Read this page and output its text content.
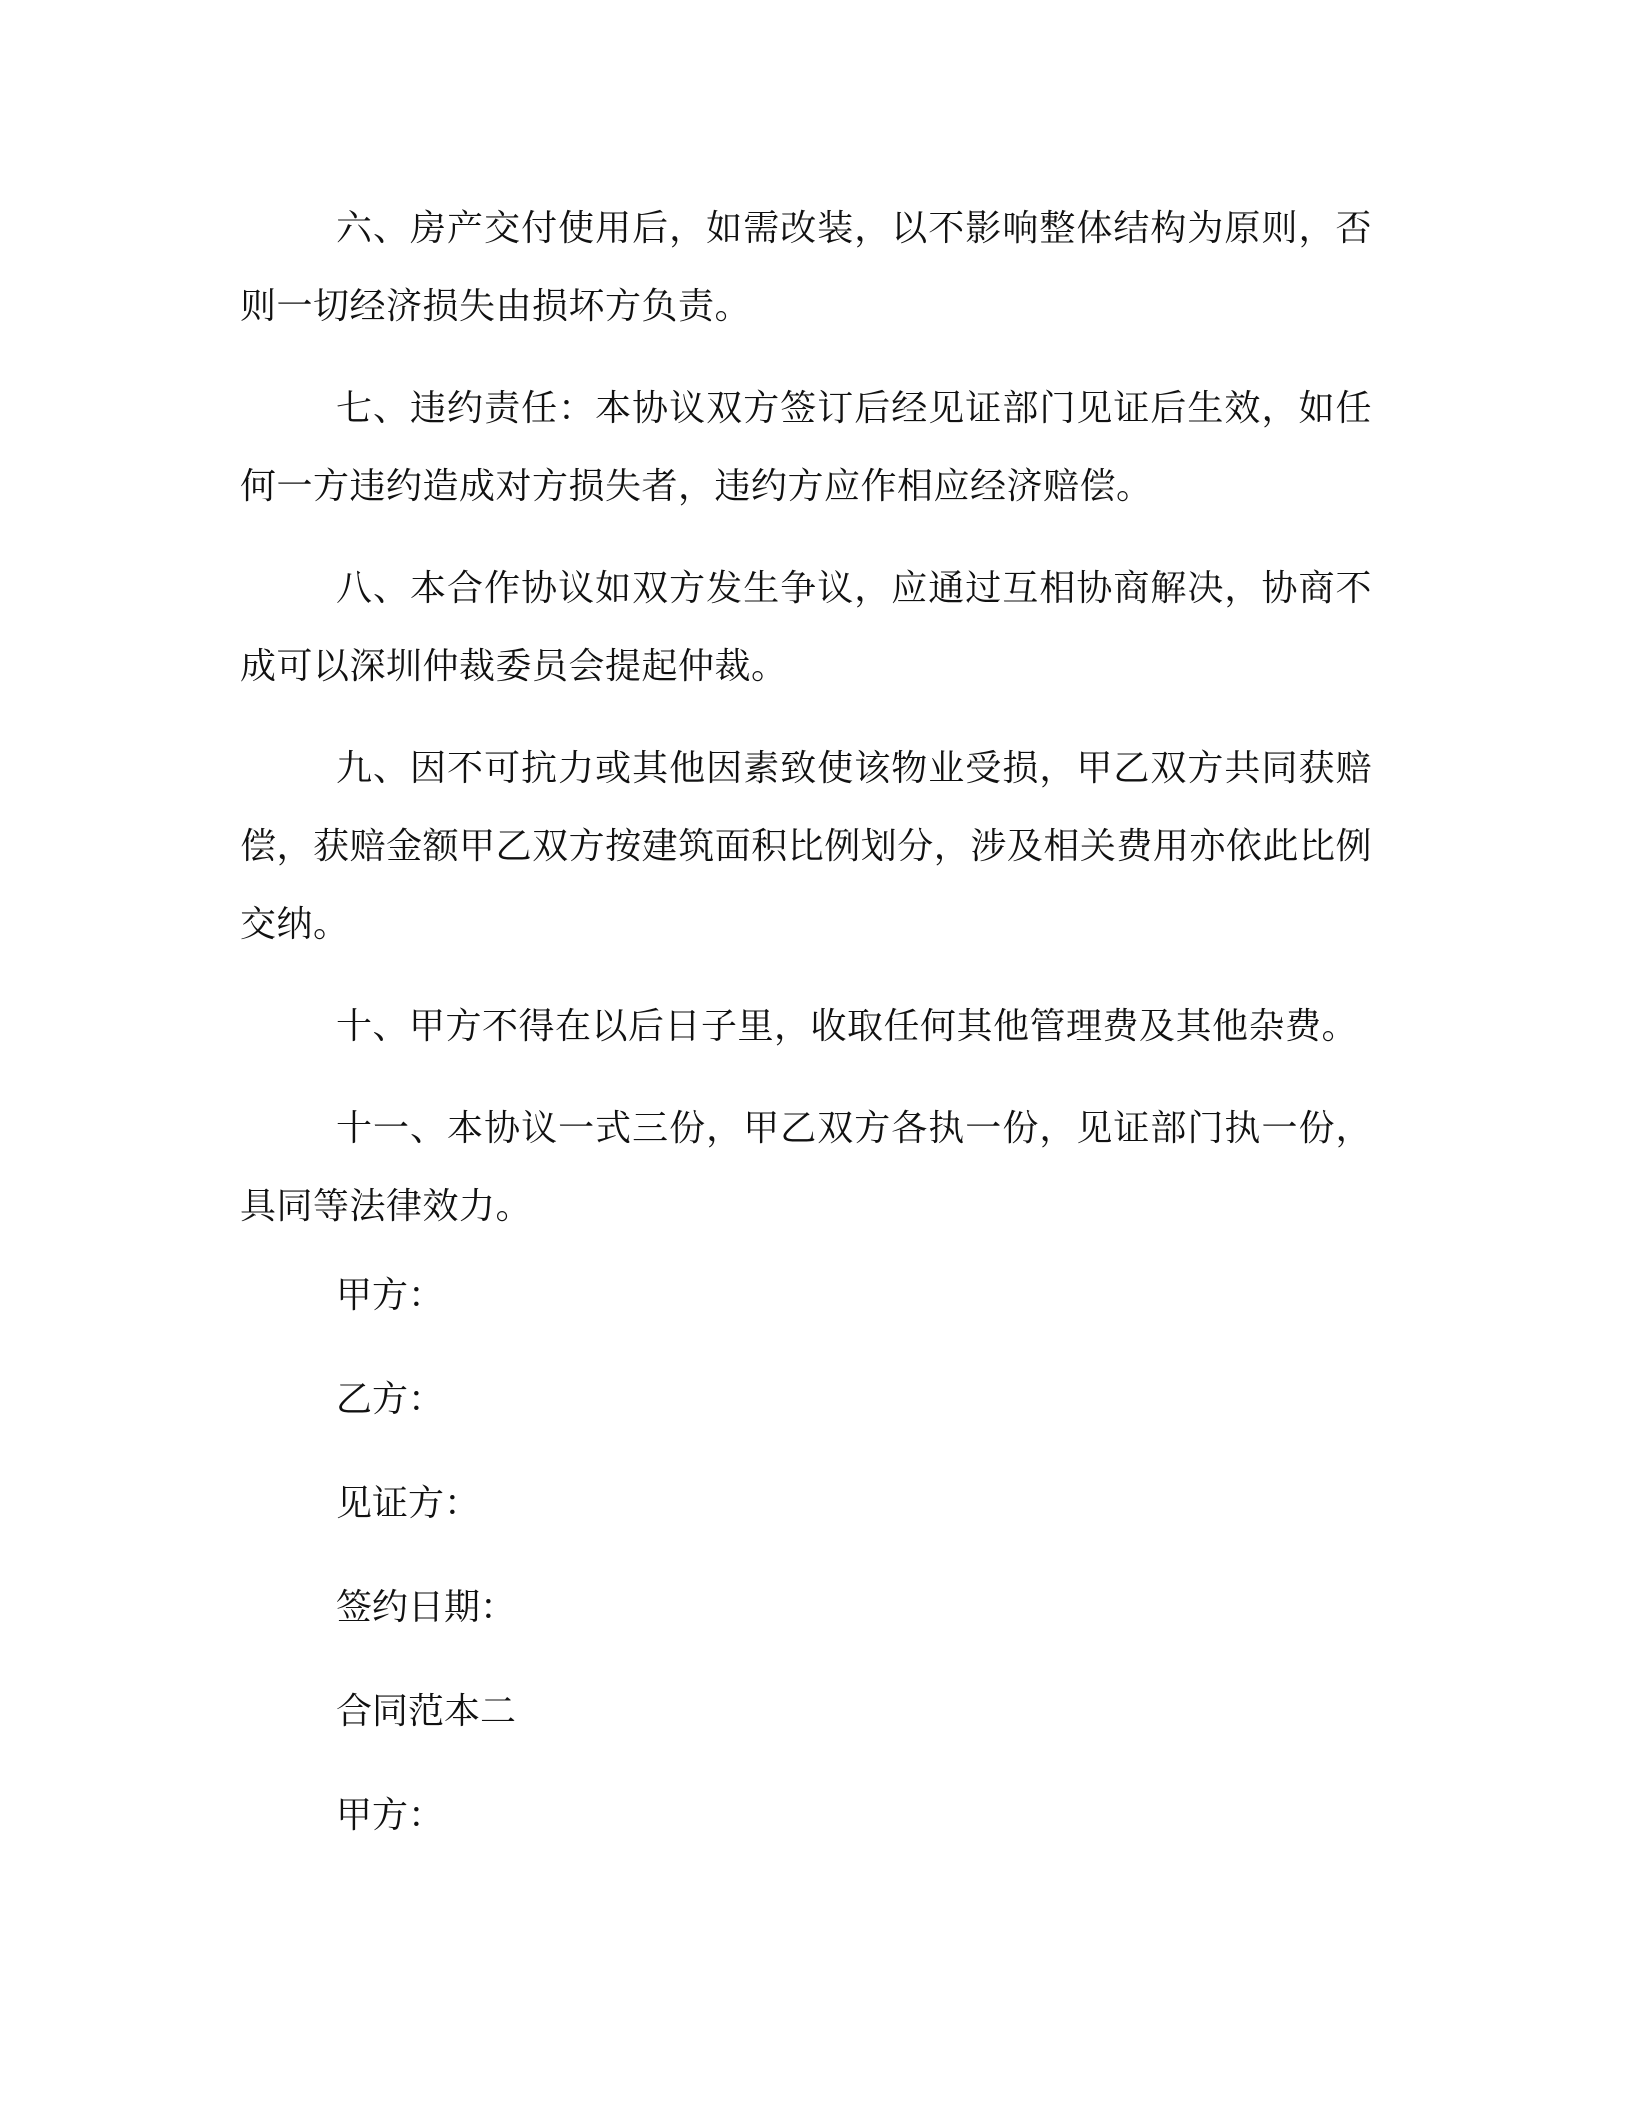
六、房产交付使用后，如需改装，以不影响整体结构为原则，否则一切经济损失由损坏方负责。

七、违约责任：本协议双方签订后经见证部门见证后生效，如任何一方违约造成对方损失者，违约方应作相应经济赔偿。

八、本合作协议如双方发生争议，应通过互相协商解决，协商不成可以深圳仲裁委员会提起仲裁。

九、因不可抗力或其他因素致使该物业受损，甲乙双方共同获赔偿，获赔金额甲乙双方按建筑面积比例划分，涉及相关费用亦依此比例交纳。

十、甲方不得在以后日子里，收取任何其他管理费及其他杂费。

十一、本协议一式三份，甲乙双方各执一份，见证部门执一份，具同等法律效力。

甲方：

乙方：

见证方：

签约日期：

合同范本二

甲方：
